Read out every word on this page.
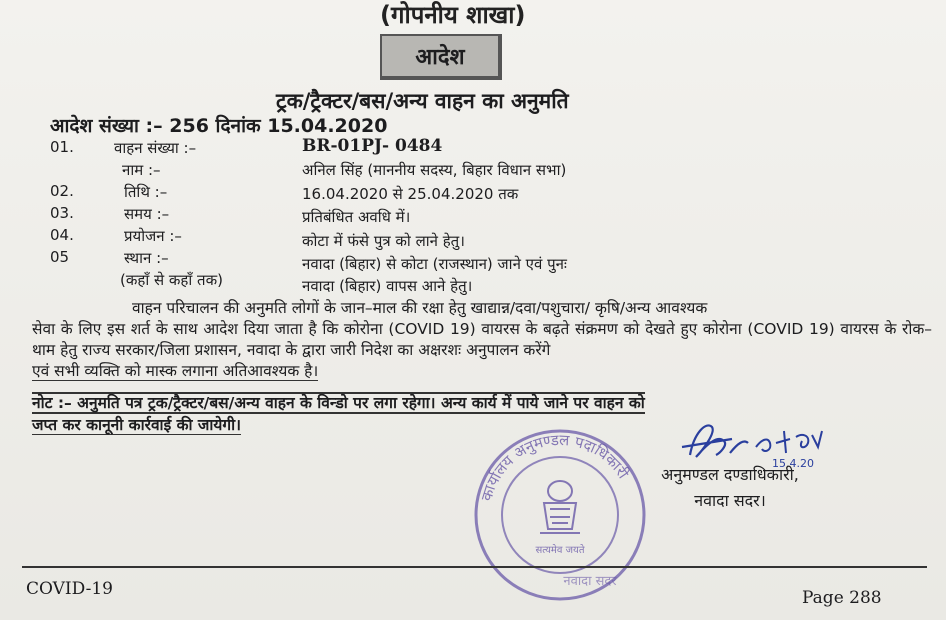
(गोपनीय शाखा)
आदेश
ट्रक/ट्रैक्टर/बस/अन्य वाहन का अनुमति
आदेश संख्या :– 256 दिनांक 15.04.2020
01.	वाहन संख्या :–	BR-01PJ- 0484
नाम :–	अनिल सिंह (माननीय सदस्य, बिहार विधान सभा)
02.	तिथि :–	16.04.2020 से 25.04.2020 तक
03.	समय :–	प्रतिबंधित अवधि में।
04.	प्रयोजन :–	कोटा में फंसे पुत्र को लाने हेतु।
05	स्थान :–	नवादा (बिहार) से कोटा (राजस्थान) जाने एवं पुनः
(कहाँ से कहाँ तक)	नवादा (बिहार) वापस आने हेतु।

वाहन परिचालन की अनुमति लोगों के जान–माल की रक्षा हेतु खाद्यान्न/दवा/पशुचारा/ कृषि/अन्य आवश्यक

सेवा के लिए इस शर्त के साथ आदेश दिया जाता है कि कोरोना (COVID 19) वायरस के बढ़ते संक्रमण को देखते हुए कोरोना (COVID 19) वायरस के रोक–थाम हेतु राज्य सरकार/जिला प्रशासन, नवादा के द्वारा जारी निदेश का अक्षरशः अनुपालन करेंगे

एवं सभी व्यक्ति को मास्क लगाना अतिआवश्यक है।

नोट :– अनुमति पत्र ट्रक/ट्रैक्टर/बस/अन्य वाहन के विन्डो पर लगा रहेगा। अन्य कार्य में पाये जाने पर वाहन को
जप्त कर कानूनी कार्रवाई की जायेगी।
15.4.20
कार्यालय अनुमण्डल पदाधिकारी
सत्यमेव जयते
नवादा सदर
अनुमण्डल दण्डाधिकारी,
नवादा सदर।
COVID-19	Page 288
